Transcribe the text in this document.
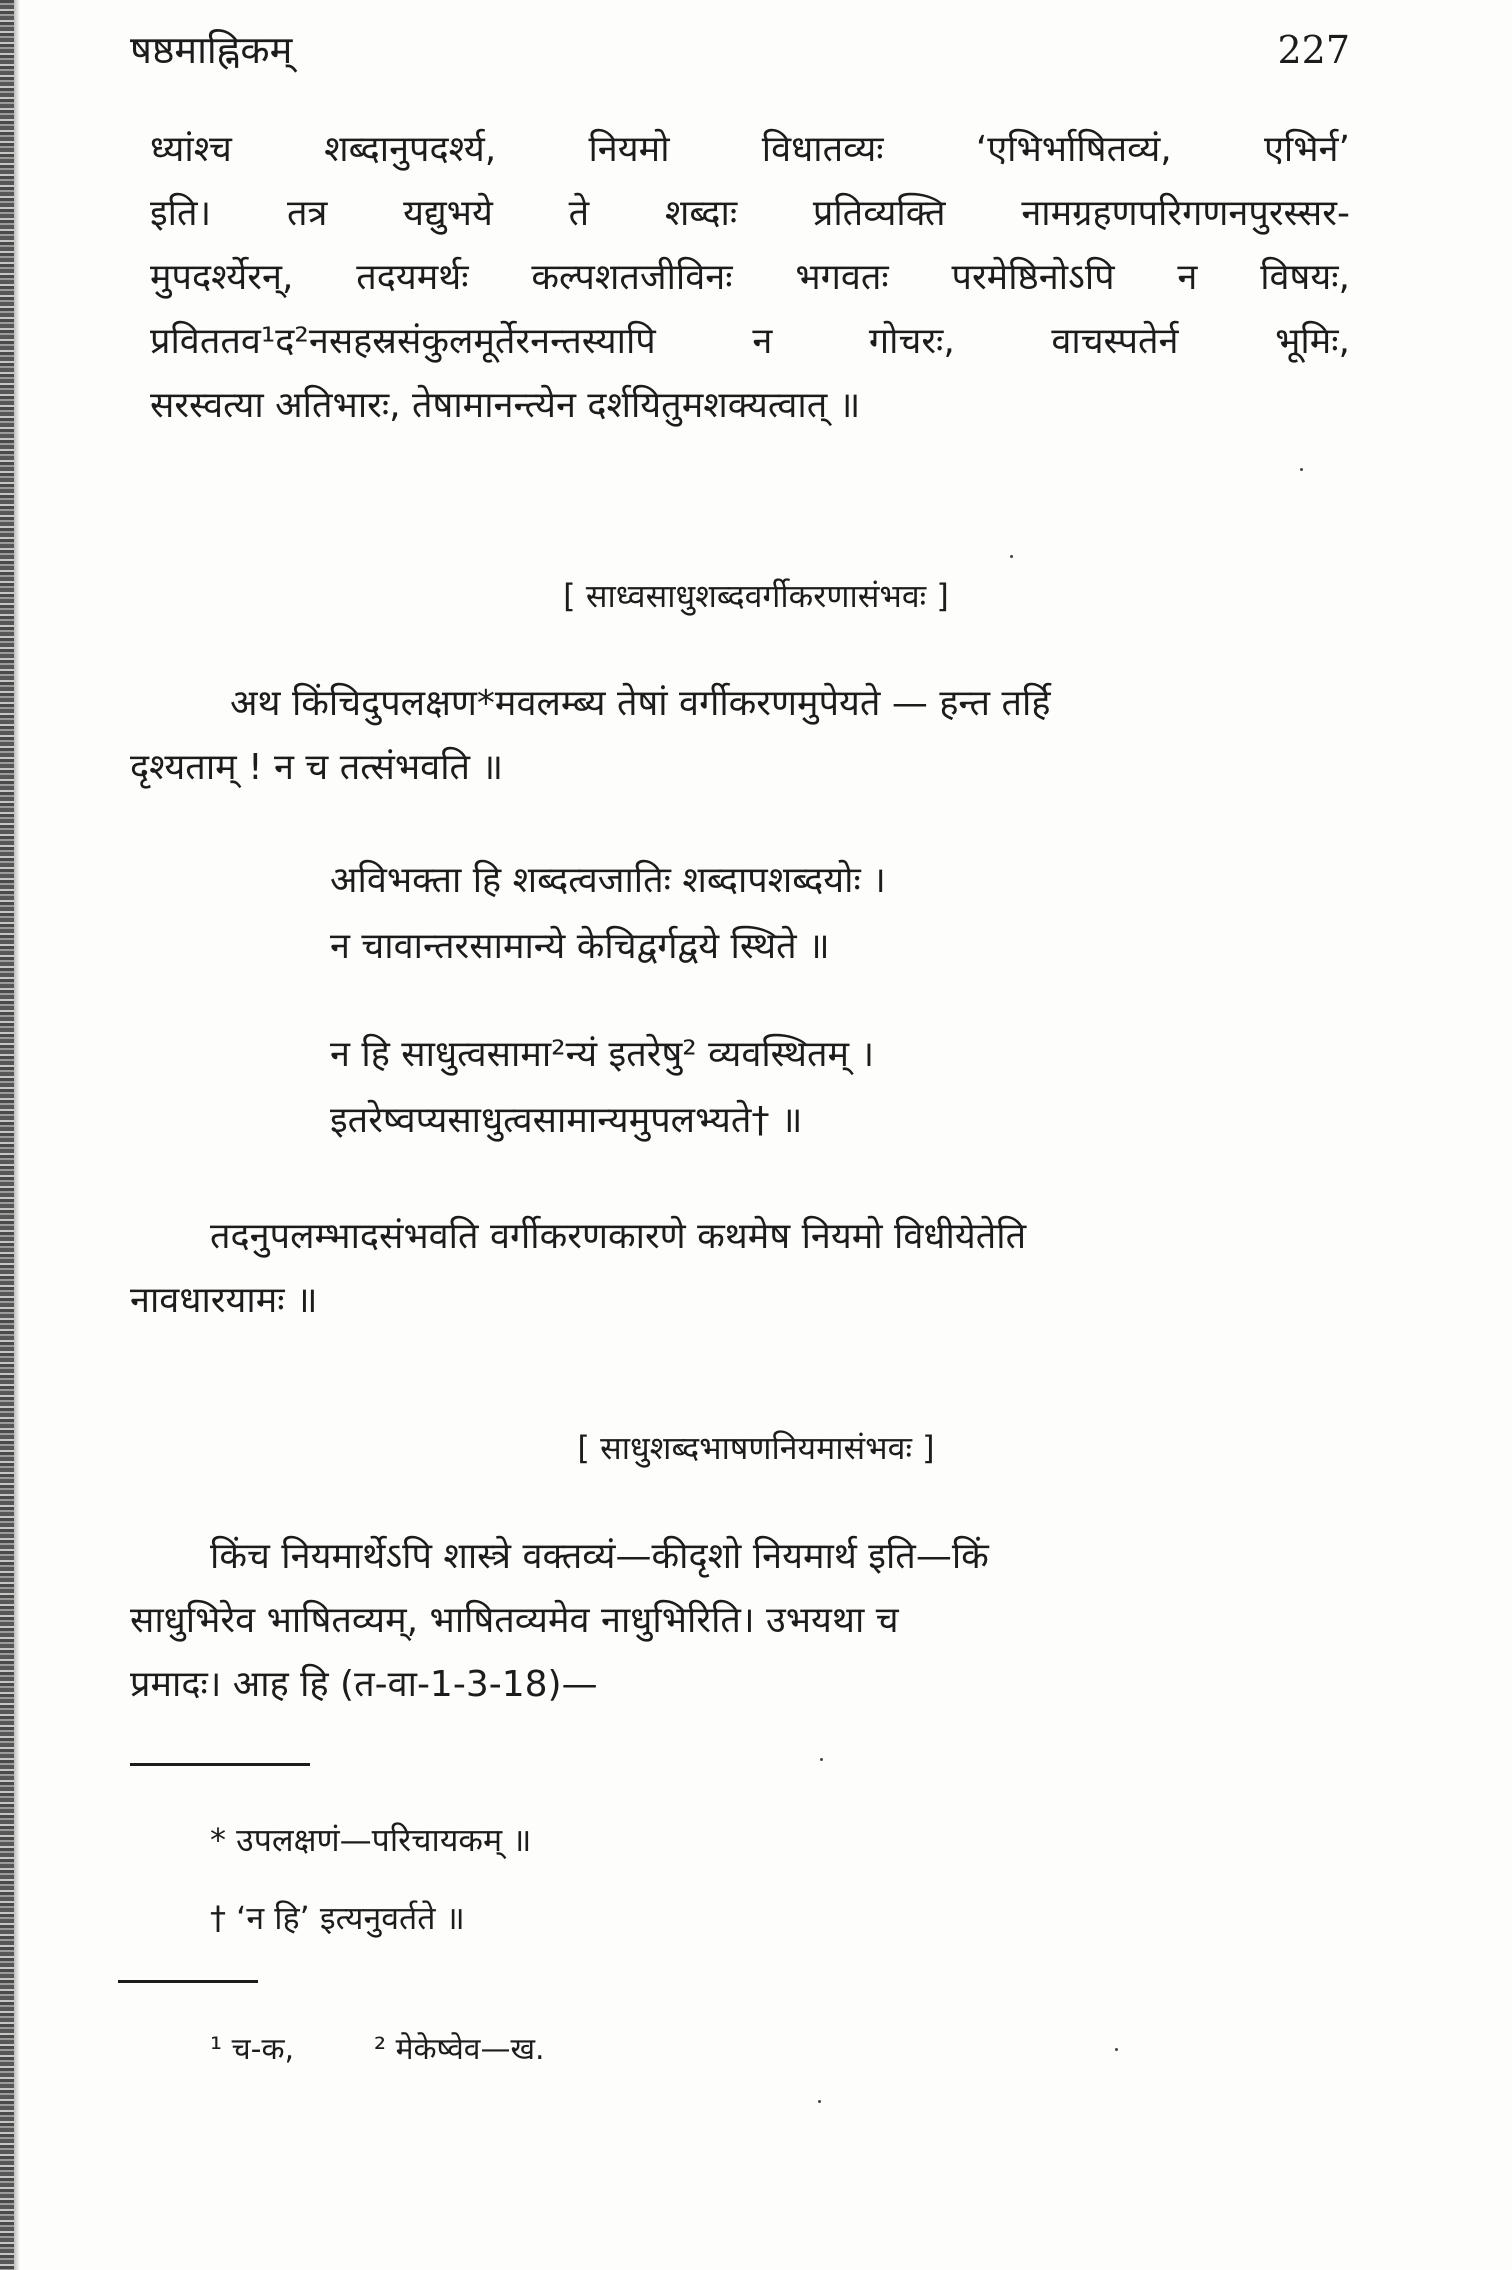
षष्ठमाह्निकम्	227
ध्यांश्च	शब्दानुपदर्श्य,	नियमो	विधातव्यः	‘एभिर्भाषितव्यं,	एभिर्न’
इति। तत्र यद्युभये ते शब्दाः प्रतिव्यक्ति नामग्रहणपरिगणनपुरस्सर-
मुपदर्श्येरन्, तदयमर्थः कल्पशतजीविनः भगवतः परमेष्ठिनोऽपि न विषयः,
प्रविततव¹द²नसहस्रसंकुलमूर्तेरनन्तस्यापि	न	गोचरः,	वाचस्पतेर्न	भूमिः,
सरस्वत्या अतिभारः, तेषामानन्त्येन दर्शयितुमशक्यत्वात् ॥
[ साध्वसाधुशब्दवर्गीकरणासंभवः ]
अथ किंचिदुपलक्षण*मवलम्ब्य तेषां वर्गीकरणमुपेयते — हन्त तर्हि
दृश्यताम् ! न च तत्संभवति ॥
अविभक्ता हि शब्दत्वजातिः शब्दापशब्दयोः ।
न चावान्तरसामान्ये केचिद्वर्गद्वये स्थिते ॥
न हि साधुत्वसामा²न्यं इतरेषु² व्यवस्थितम् ।
इतरेष्वप्यसाधुत्वसामान्यमुपलभ्यते† ॥
तदनुपलम्भादसंभवति वर्गीकरणकारणे कथमेष नियमो विधीयेतेति
नावधारयामः ॥
[ साधुशब्दभाषणनियमासंभवः ]
किंच नियमार्थेऽपि शास्त्रे वक्तव्यं—कीदृशो नियमार्थ इति—किं
साधुभिरेव भाषितव्यम्, भाषितव्यमेव नाधुभिरिति। उभयथा च
प्रमादः। आह हि (त-वा-1-3-18)—
* उपलक्षणं—परिचायकम् ॥
† ‘न हि’ इत्यनुवर्तते ॥
¹ च-क,	² मेकेष्वेव—ख.
